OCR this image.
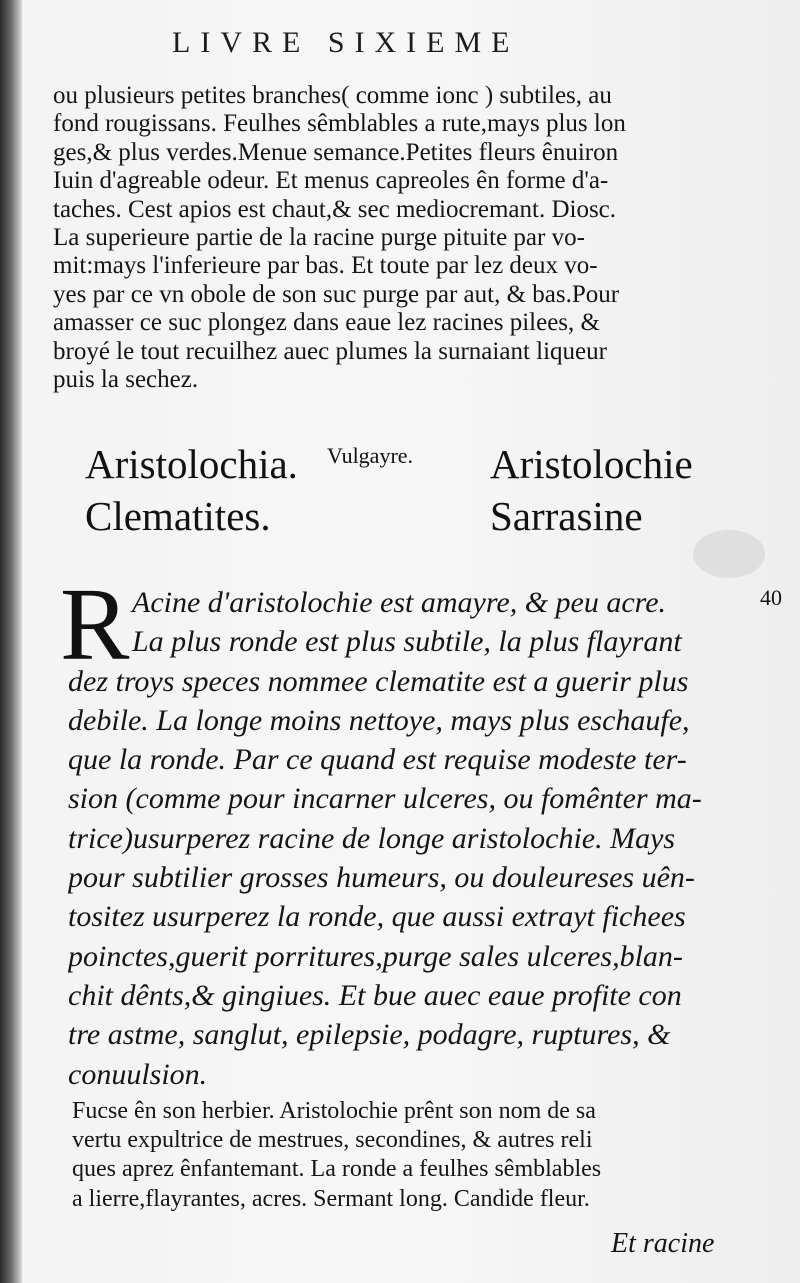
LIVRE SIXIEME
ou plusieurs petites branches( comme ionc ) subtiles, au
fond rougissans. Feulhes sêmblables a rute,mays plus lon
ges,& plus verdes.Menue semance.Petites fleurs ênuiron
Iuin d'agreable odeur. Et menus capreoles ên forme d'a-
taches. Cest apios est chaut,& sec mediocremant. Diosc.
La superieure partie de la racine purge pituite par vo-
mit:mays l'inferieure par bas. Et toute par lez deux vo-
yes par ce vn obole de son suc purge par aut, & bas.Pour
amasser ce suc plongez dans eaue lez racines pilees, &
broyé le tout recuilhez auec plumes la surnaiant liqueur
puis la sechez.
Aristolochia.
Clematites.
Vulgayre. Aristolochie
Sarrasine
40
R Acine d'aristolochie est amayre, & peu acre.
La plus ronde est plus subtile, la plus flayrant
dez troys speces nommee clematite est a guerir plus
debile. La longe moins nettoye, mays plus eschaufe,
que la ronde. Par ce quand est requise modeste ter-
sion (comme pour incarner ulceres, ou fomênter ma-
trice)usurperez racine de longe aristolochie. Mays
pour subtilier grosses humeurs, ou douleureses uên-
tositez usurperez la ronde, que aussi extrayt fichees
poinctes,guerit porritures,purge sales ulceres,blan-
chit dênts,& gingiues. Et bue auec eaue profite con
tre astme, sanglut, epilepsie, podagre, ruptures, &
conuulsion.
Fucse ên son herbier. Aristolochie prênt son nom de sa
vertu expultrice de mestrues, secondines, & autres reli
ques aprez ênfantemant. La ronde a feulhes sêmblables
a lierre,flayrantes, acres. Sermant long. Candide fleur.
Et racine
